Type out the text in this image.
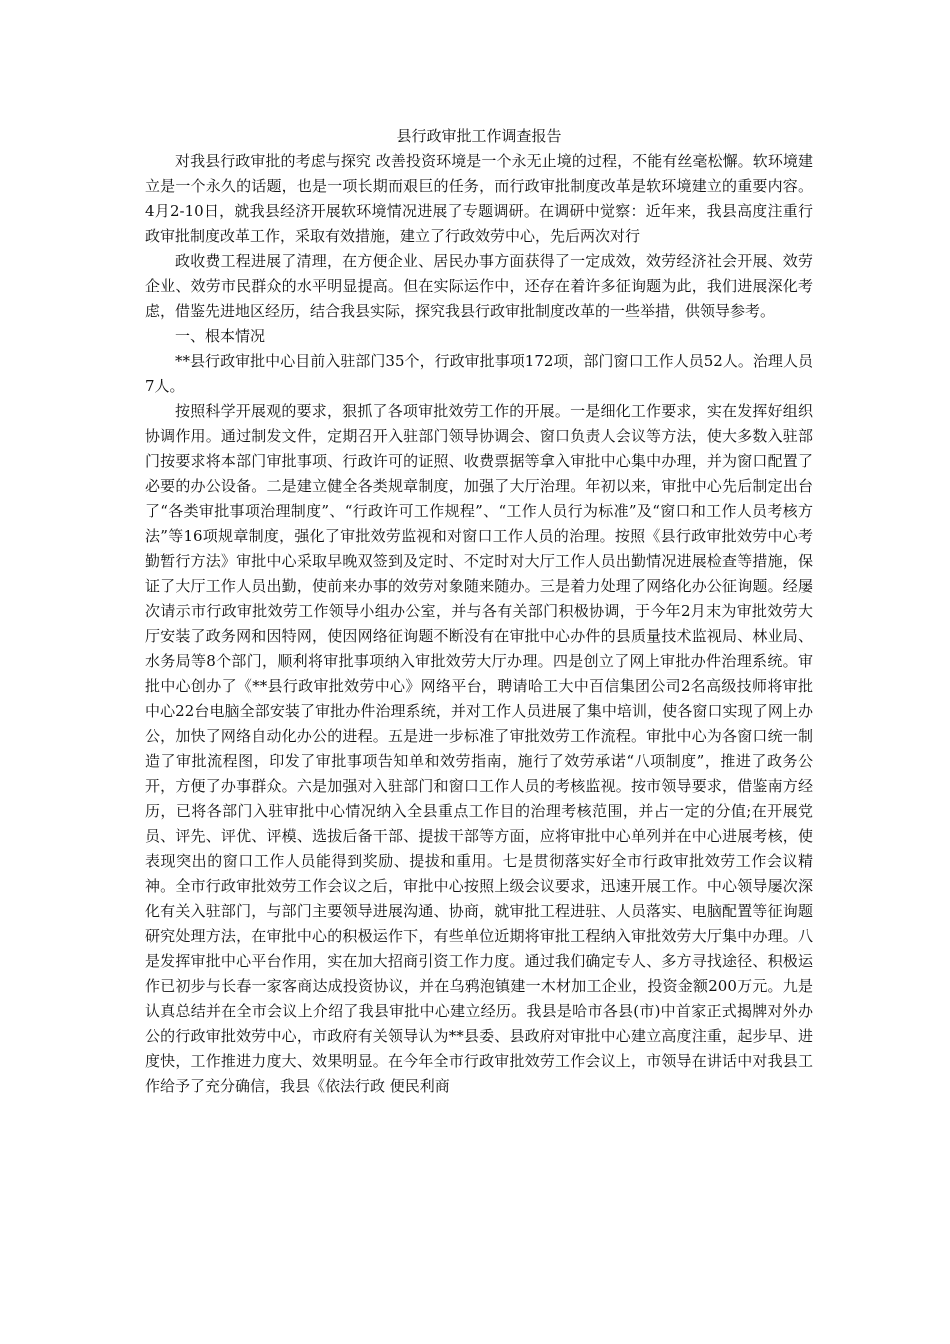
县行政审批工作调查报告

对我县行政审批的考虑与探究 改善投资环境是一个永无止境的过程，不能有丝毫松懈。软环境建立是一个永久的话题，也是一项长期而艰巨的任务，而行政审批制度改革是软环境建立的重要内容。4月2-10日，就我县经济开展软环境情况进展了专题调研。在调研中觉察：近年来，我县高度注重行政审批制度改革工作，采取有效措施，建立了行政效劳中心，先后两次对行

政收费工程进展了清理，在方便企业、居民办事方面获得了一定成效，效劳经济社会开展、效劳企业、效劳市民群众的水平明显提高。但在实际运作中，还存在着许多征询题为此，我们进展深化考虑，借鉴先进地区经历，结合我县实际，探究我县行政审批制度改革的一些举措，供领导参考。

一、根本情况

**县行政审批中心目前入驻部门35个，行政审批事项172项，部门窗口工作人员52人。治理人员7人。

按照科学开展观的要求，狠抓了各项审批效劳工作的开展。一是细化工作要求，实在发挥好组织协调作用。通过制发文件，定期召开入驻部门领导协调会、窗口负责人会议等方法，使大多数入驻部门按要求将本部门审批事项、行政许可的证照、收费票据等拿入审批中心集中办理，并为窗口配置了必要的办公设备。二是建立健全各类规章制度，加强了大厅治理。年初以来，审批中心先后制定出台了“各类审批事项治理制度”、“行政许可工作规程”、“工作人员行为标准”及“窗口和工作人员考核方法”等16项规章制度，强化了审批效劳监视和对窗口工作人员的治理。按照《县行政审批效劳中心考勤暂行方法》审批中心采取早晚双签到及定时、不定时对大厅工作人员出勤情况进展检查等措施，保证了大厅工作人员出勤，使前来办事的效劳对象随来随办。三是着力处理了网络化办公征询题。经屡次请示市行政审批效劳工作领导小组办公室，并与各有关部门积极协调，于今年2月末为审批效劳大厅安装了政务网和因特网，使因网络征询题不断没有在审批中心办件的县质量技术监视局、林业局、水务局等8个部门，顺利将审批事项纳入审批效劳大厅办理。四是创立了网上审批办件治理系统。审批中心创办了《**县行政审批效劳中心》网络平台，聘请哈工大中百信集团公司2名高级技师将审批中心22台电脑全部安装了审批办件治理系统，并对工作人员进展了集中培训，使各窗口实现了网上办公，加快了网络自动化办公的进程。五是进一步标准了审批效劳工作流程。审批中心为各窗口统一制造了审批流程图，印发了审批事项告知单和效劳指南，施行了效劳承诺“八项制度”，推进了政务公开，方便了办事群众。六是加强对入驻部门和窗口工作人员的考核监视。按市领导要求，借鉴南方经历，已将各部门入驻审批中心情况纳入全县重点工作目的治理考核范围，并占一定的分值;在开展党员、评先、评优、评模、选拔后备干部、提拔干部等方面，应将审批中心单列并在中心进展考核，使表现突出的窗口工作人员能得到奖励、提拔和重用。七是贯彻落实好全市行政审批效劳工作会议精神。全市行政审批效劳工作会议之后，审批中心按照上级会议要求，迅速开展工作。中心领导屡次深化有关入驻部门，与部门主要领导进展沟通、协商，就审批工程进驻、人员落实、电脑配置等征询题研究处理方法，在审批中心的积极运作下，有些单位近期将审批工程纳入审批效劳大厅集中办理。八是发挥审批中心平台作用，实在加大招商引资工作力度。通过我们确定专人、多方寻找途径、积极运作已初步与长春一家客商达成投资协议，并在乌鸦泡镇建一木材加工企业，投资金额200万元。九是认真总结并在全市会议上介绍了我县审批中心建立经历。我县是哈市各县(市)中首家正式揭牌对外办公的行政审批效劳中心，市政府有关领导认为**县委、县政府对审批中心建立高度注重，起步早、进度快，工作推进力度大、效果明显。在今年全市行政审批效劳工作会议上，市领导在讲话中对我县工作给予了充分确信，我县《依法行政 便民利商
